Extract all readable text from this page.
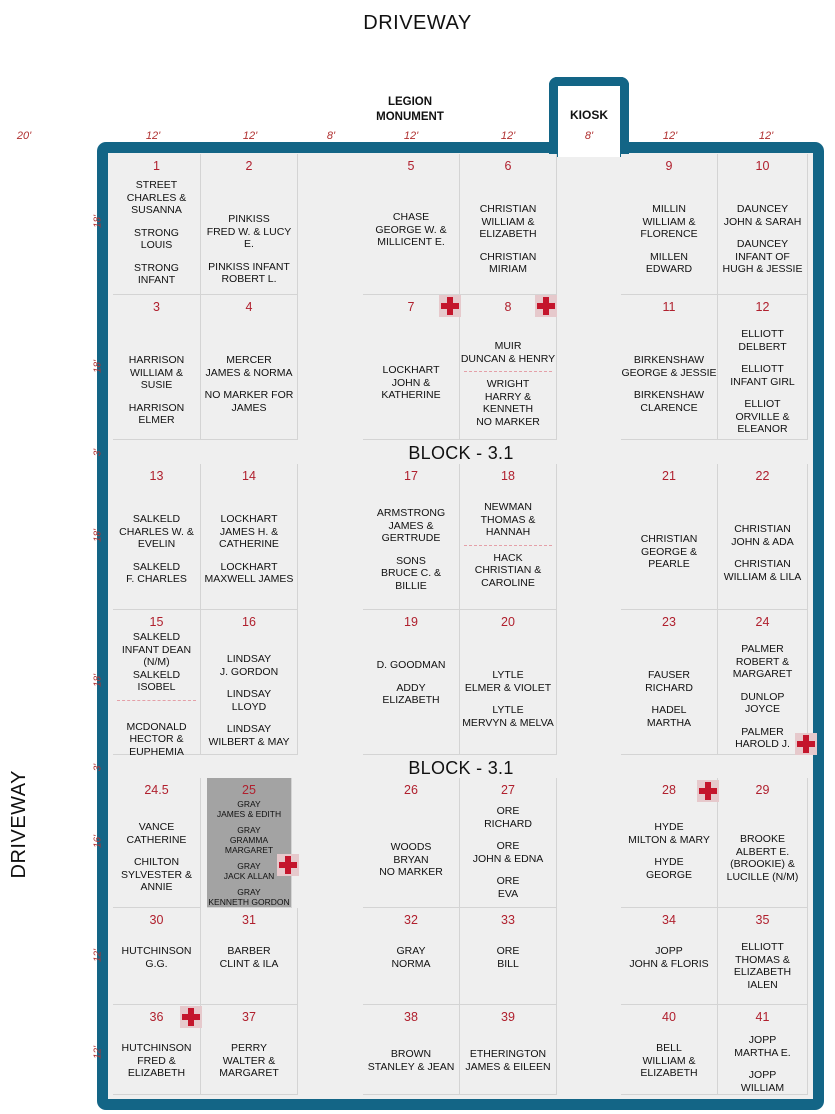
DRIVEWAY
DRIVEWAY
LEGION
MONUMENT	KIOSK
20'	12'	12'	8'	12'	12'	8'	12'	12'
18'
18'
3'
18'
18'
3'
16'
12'
12'
BLOCK - 3.1
BLOCK - 3.1
1
STREET
CHARLES &
SUSANNA
STRONG
LOUIS
STRONG
INFANT
2
PINKISS
FRED W. & LUCY E.
PINKISS INFANT
ROBERT L.
5
CHASE
GEORGE W. &
MILLICENT E.
6
CHRISTIAN
WILLIAM &
ELIZABETH
CHRISTIAN
MIRIAM
9
MILLIN
WILLIAM &
FLORENCE
MILLEN
EDWARD
10
DAUNCEY
JOHN & SARAH
DAUNCEY
INFANT OF
HUGH & JESSIE
3
HARRISON
WILLIAM & SUSIE
HARRISON
ELMER
4
MERCER
JAMES & NORMA
NO MARKER FOR
JAMES
7
LOCKHART
JOHN &
KATHERINE
8
MUIR
DUNCAN & HENRY
WRIGHT
HARRY &
KENNETH
NO MARKER
11
BIRKENSHAW
GEORGE & JESSIE
BIRKENSHAW
CLARENCE
12
ELLIOTT
DELBERT
ELLIOTT
INFANT GIRL
ELLIOT
ORVILLE &
ELEANOR
13
SALKELD
CHARLES W. &
EVELIN
SALKELD
F. CHARLES
14
LOCKHART
JAMES H. &
CATHERINE
LOCKHART
MAXWELL JAMES
17
ARMSTRONG
JAMES &
GERTRUDE
SONS
BRUCE C. &
BILLIE
18
NEWMAN
THOMAS &
HANNAH
HACK
CHRISTIAN &
CAROLINE
21
CHRISTIAN
GEORGE &
PEARLE
22
CHRISTIAN
JOHN & ADA
CHRISTIAN
WILLIAM & LILA
15
SALKELD
INFANT DEAN (N/M)
SALKELD
ISOBEL
MCDONALD
HECTOR &
EUPHEMIA
16
LINDSAY
J. GORDON
LINDSAY
LLOYD
LINDSAY
WILBERT & MAY
19
D. GOODMAN
ADDY
ELIZABETH
20
LYTLE
ELMER & VIOLET
LYTLE
MERVYN & MELVA
23
FAUSER
RICHARD
HADEL
MARTHA
24
PALMER
ROBERT &
MARGARET
DUNLOP
JOYCE
PALMER
HAROLD J.
24.5
VANCE
CATHERINE
CHILTON
SYLVESTER &
ANNIE
25
GRAY
JAMES & EDITH
GRAY
GRAMMA MARGARET
GRAY
JACK ALLAN
GRAY
KENNETH GORDON
26
WOODS
BRYAN
NO MARKER
27
ORE
RICHARD
ORE
JOHN & EDNA
ORE
EVA
28
HYDE
MILTON & MARY
HYDE
GEORGE
29
BROOKE
ALBERT E.
(BROOKIE) &
LUCILLE (N/M)
30
HUTCHINSON
G.G.
31
BARBER
CLINT & ILA
32
GRAY
NORMA
33
ORE
BILL
34
JOPP
JOHN & FLORIS
35
ELLIOTT
THOMAS &
ELIZABETH IALEN
36
HUTCHINSON
FRED &
ELIZABETH
37
PERRY
WALTER &
MARGARET
38
BROWN
STANLEY & JEAN
39
ETHERINGTON
JAMES & EILEEN
40
BELL
WILLIAM &
ELIZABETH
41
JOPP
MARTHA E.
JOPP
WILLIAM
